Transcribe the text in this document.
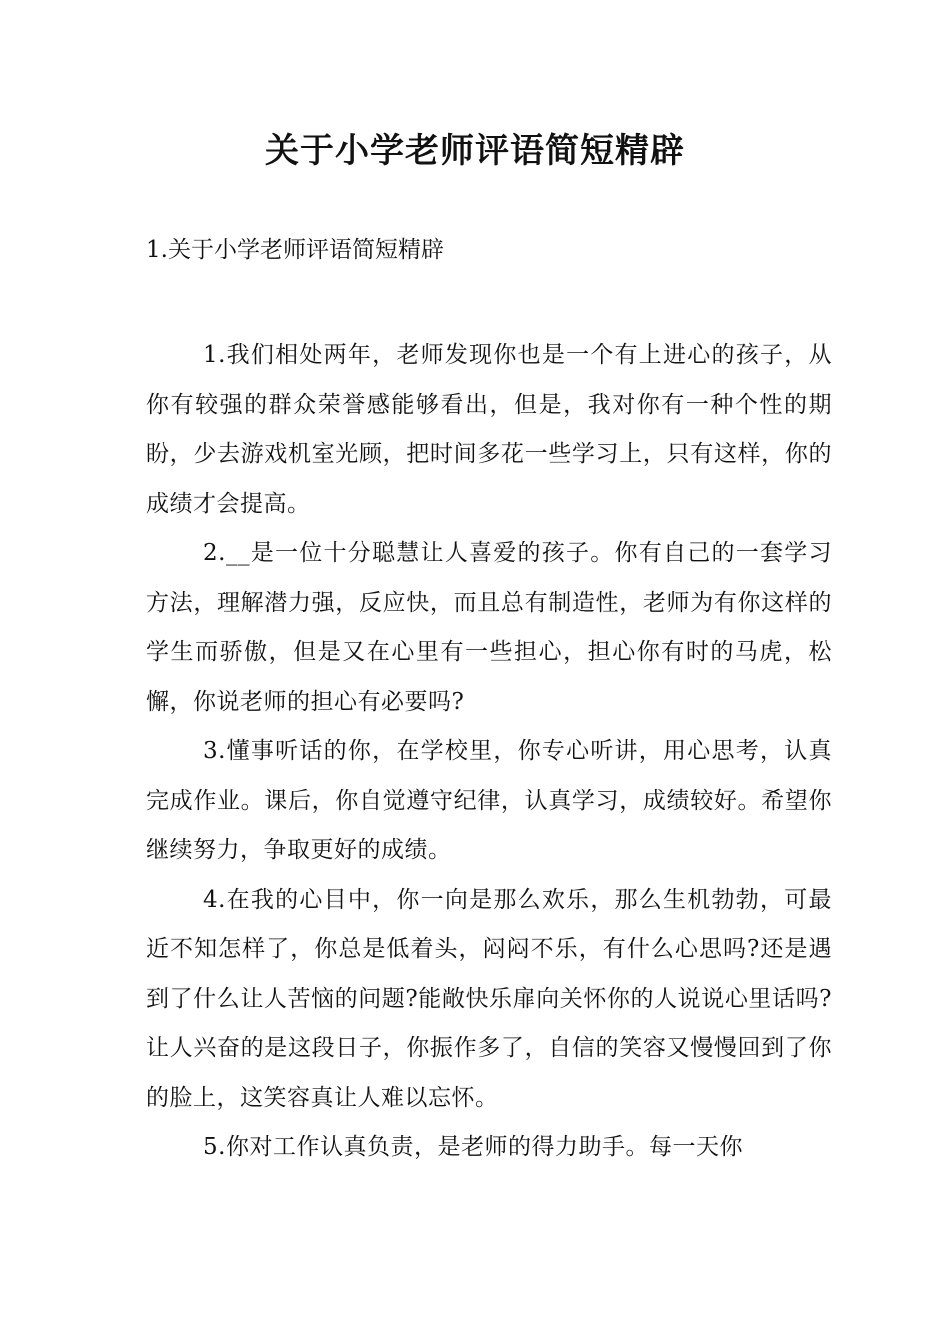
关于小学老师评语简短精辟

1.关于小学老师评语简短精辟

1.我们相处两年，老师发现你也是一个有上进心的孩子，从你有较强的群众荣誉感能够看出，但是，我对你有一种个性的期盼，少去游戏机室光顾，把时间多花一些学习上，只有这样，你的成绩才会提高。

2.__是一位十分聪慧让人喜爱的孩子。你有自己的一套学习方法，理解潜力强，反应快，而且总有制造性，老师为有你这样的学生而骄傲，但是又在心里有一些担心，担心你有时的马虎，松懈，你说老师的担心有必要吗?

3.懂事听话的你，在学校里，你专心听讲，用心思考，认真完成作业。课后，你自觉遵守纪律，认真学习，成绩较好。希望你继续努力，争取更好的成绩。

4.在我的心目中，你一向是那么欢乐，那么生机勃勃，可最近不知怎样了，你总是低着头，闷闷不乐，有什么心思吗?还是遇到了什么让人苦恼的问题?能敞快乐扉向关怀你的人说说心里话吗?让人兴奋的是这段日子，你振作多了，自信的笑容又慢慢回到了你的脸上，这笑容真让人难以忘怀。

5.你对工作认真负责，是老师的得力助手。每一天你
